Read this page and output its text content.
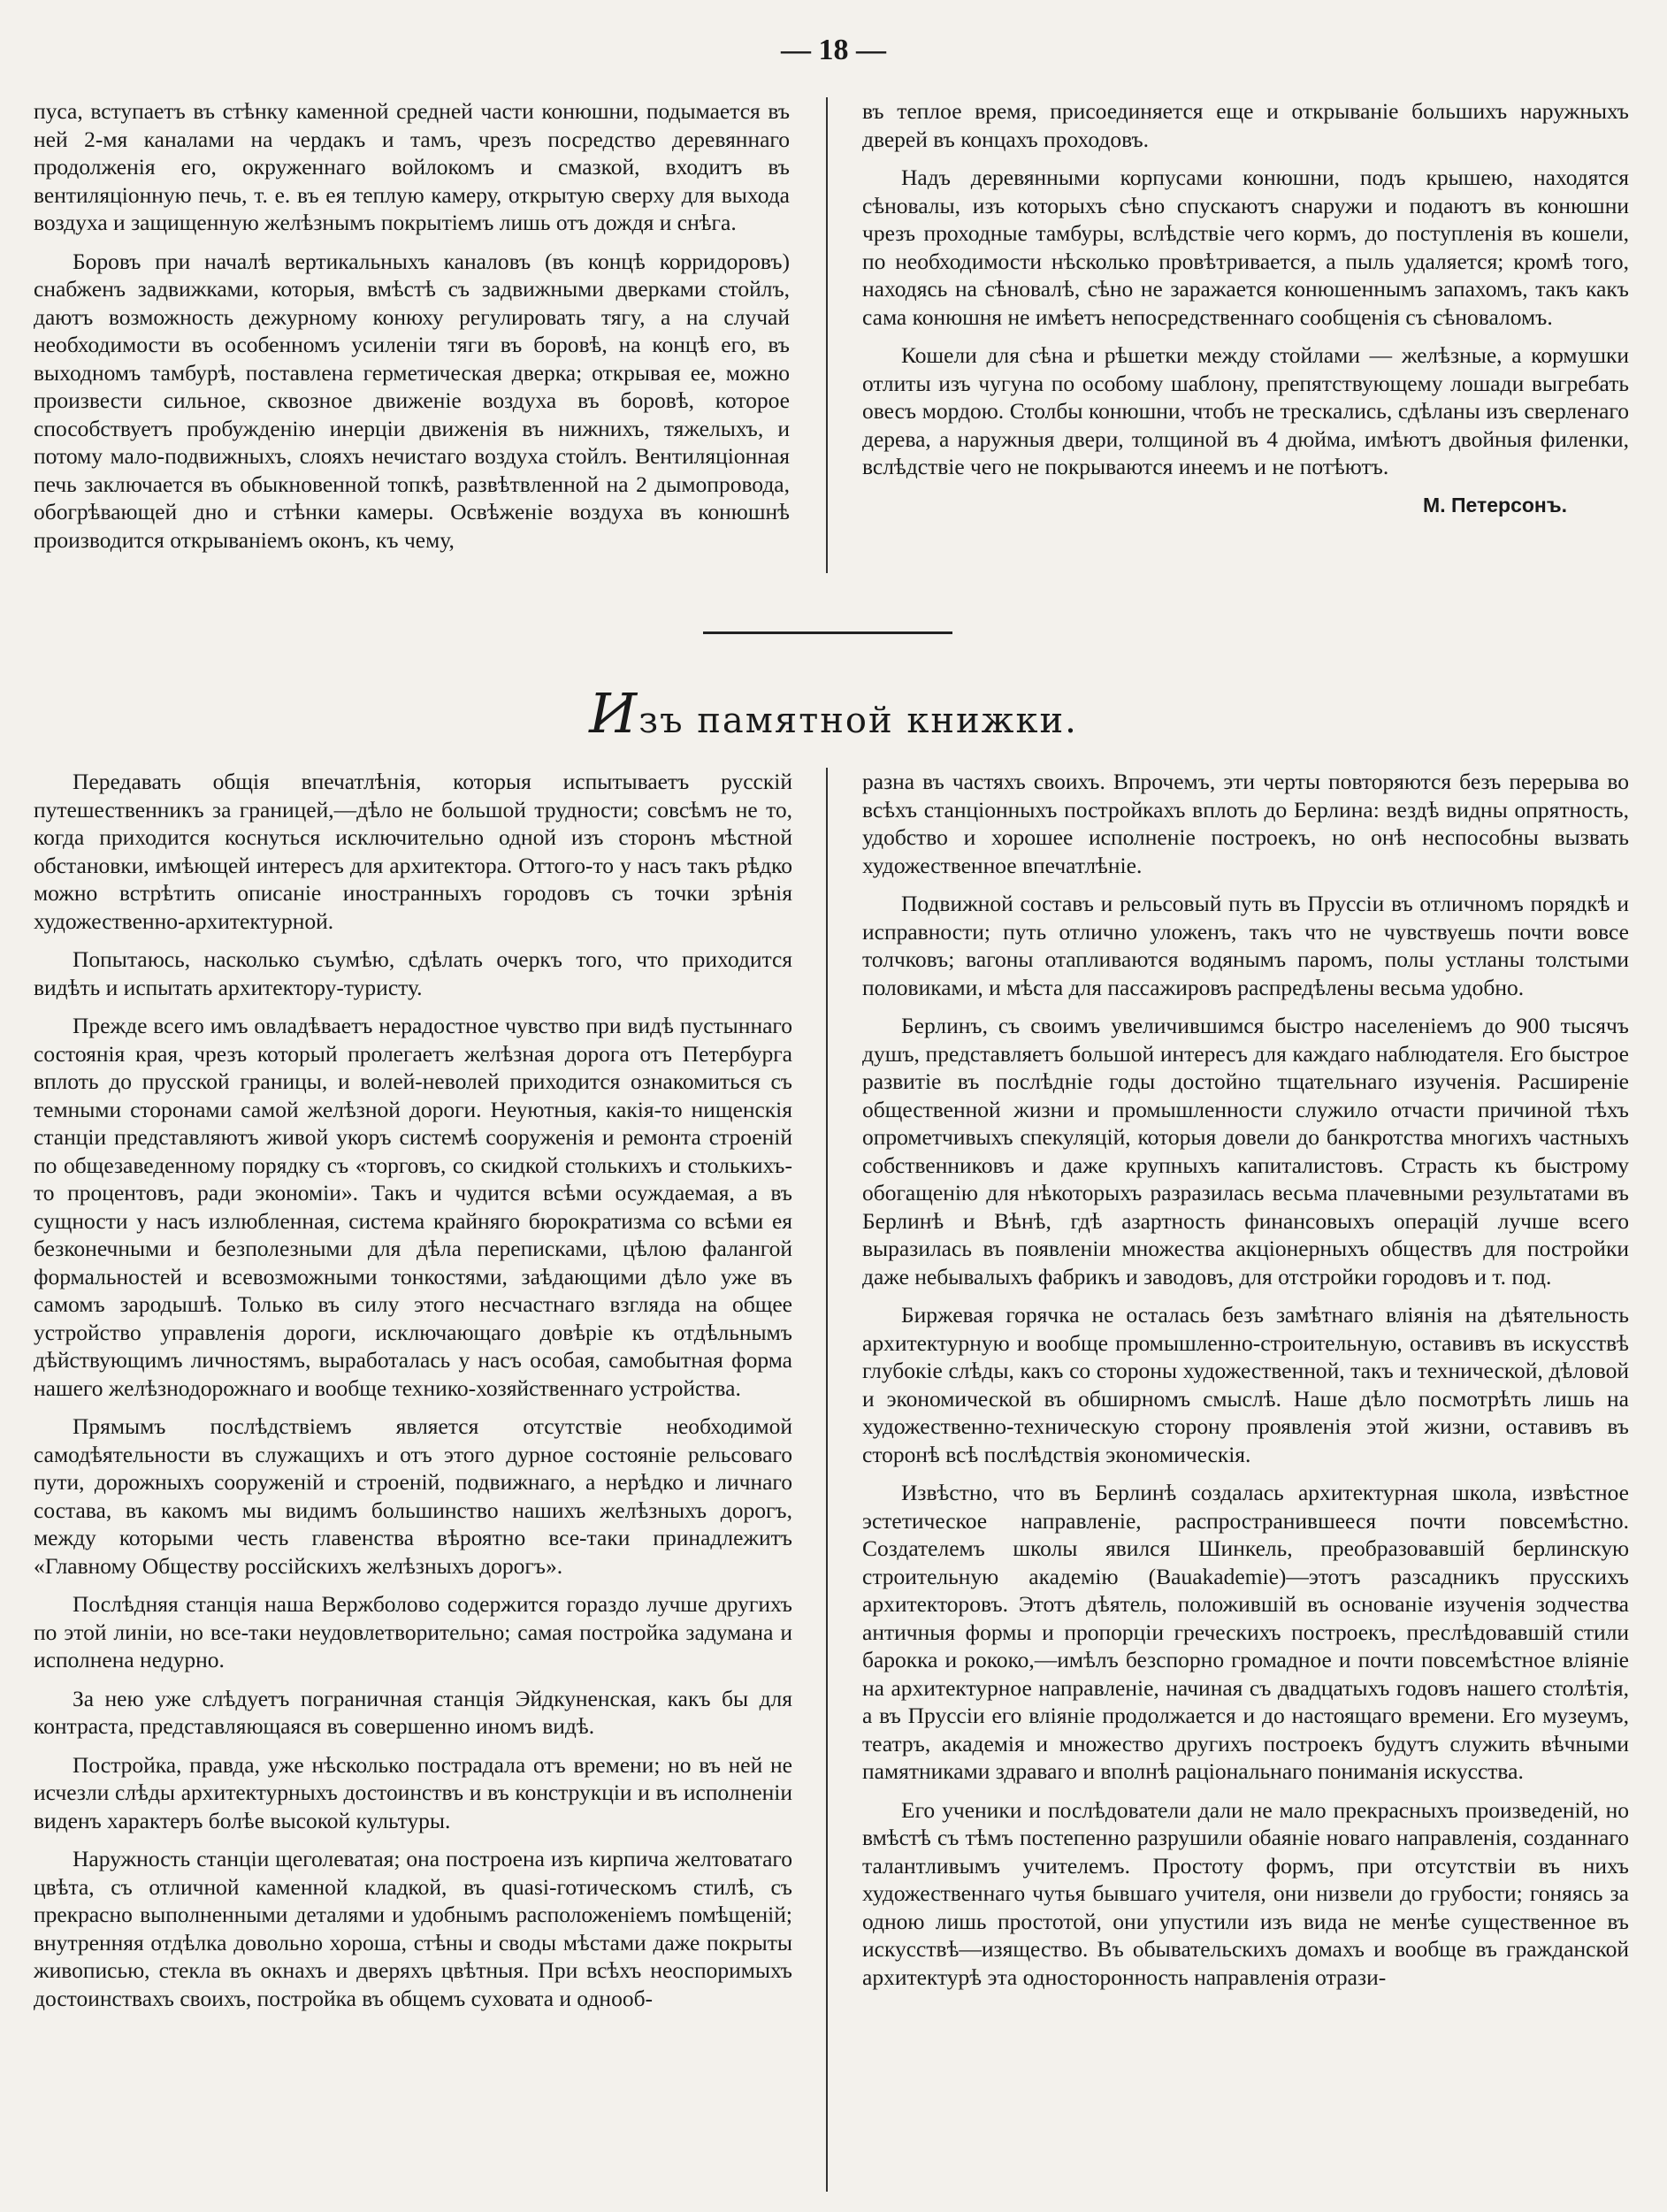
— 18 —

пуса, вступаетъ въ стѣнку каменной средней части конюшни, подымается въ ней 2-мя каналами на чердакъ и тамъ, чрезъ посредство деревяннаго продолженія его, окруженнаго войлокомъ и смазкой, входитъ въ вентиляціонную печь, т. е. въ ея теплую камеру, открытую сверху для выхода воздуха и защищенную желѣзнымъ покрытіемъ лишь отъ дождя и снѣга.

Боровъ при началѣ вертикальныхъ каналовъ (въ концѣ корридоровъ) снабженъ задвижками, которыя, вмѣстѣ съ задвижными дверками стойлъ, даютъ возможность дежурному конюху регулировать тягу, а на случай необходимости въ особенномъ усиленіи тяги въ боровѣ, на концѣ его, въ выходномъ тамбурѣ, поставлена герметическая дверка; открывая ее, можно произвести сильное, сквозное движеніе воздуха въ боровѣ, которое способствуетъ пробужденію инерціи движенія въ нижнихъ, тяжелыхъ, и потому мало-подвижныхъ, слояхъ нечистаго воздуха стойлъ. Вентиляціонная печь заключается въ обыкновенной топкѣ, развѣтвленной на 2 дымопровода, обогрѣвающей дно и стѣнки камеры. Освѣженіе воздуха въ конюшнѣ производится открываніемъ оконъ, къ чему,

въ теплое время, присоединяется еще и открываніе большихъ наружныхъ дверей въ концахъ проходовъ.

Надъ деревянными корпусами конюшни, подъ крышею, находятся сѣновалы, изъ которыхъ сѣно спускаютъ снаружи и подаютъ въ конюшни чрезъ проходные тамбуры, вслѣдствіе чего кормъ, до поступленія въ кошели, по необходимости нѣсколько провѣтривается, а пыль удаляется; кромѣ того, находясь на сѣновалѣ, сѣно не заражается конюшеннымъ запахомъ, такъ какъ сама конюшня не имѣетъ непосредственнаго сообщенія съ сѣноваломъ.

Кошели для сѣна и рѣшетки между стойлами — желѣзные, а кормушки отлиты изъ чугуна по особому шаблону, препятствующему лошади выгребать овесъ мордою. Столбы конюшни, чтобъ не трескались, сдѣланы изъ сверленаго дерева, а наружныя двери, толщиной въ 4 дюйма, имѣютъ двойныя филенки, вслѣдствіе чего не покрываются инеемъ и не потѣютъ.

М. Петерсонъ.
Изъ памятной книжки.

Передавать общія впечатлѣнія, которыя испытываетъ русскій путешественникъ за границей,—дѣло не большой трудности; совсѣмъ не то, когда приходится коснуться исключительно одной изъ сторонъ мѣстной обстановки, имѣющей интересъ для архитектора. Оттого-то у насъ такъ рѣдко можно встрѣтить описаніе иностранныхъ городовъ съ точки зрѣнія художественно-архитектурной.

Попытаюсь, насколько съумѣю, сдѣлать очеркъ того, что приходится видѣть и испытать архитектору-туристу.

Прежде всего имъ овладѣваетъ нерадостное чувство при видѣ пустыннаго состоянія края, чрезъ который пролегаетъ желѣзная дорога отъ Петербурга вплоть до прусской границы, и волей-неволей приходится ознакомиться съ темными сторонами самой желѣзной дороги. Неуютныя, какія-то нищенскія станціи представляютъ живой укоръ системѣ сооруженія и ремонта строеній по общезаведенному порядку съ «торговъ, со скидкой столькихъ и столькихъ-то процентовъ, ради экономіи». Такъ и чудится всѣми осуждаемая, а въ сущности у насъ излюбленная, система крайняго бюрократизма со всѣми ея безконечными и безполезными для дѣла переписками, цѣлою фалангой формальностей и всевозможными тонкостями, заѣдающими дѣло уже въ самомъ зародышѣ. Только въ силу этого несчастнаго взгляда на общее устройство управленія дороги, исключающаго довѣріе къ отдѣльнымъ дѣйствующимъ личностямъ, выработалась у насъ особая, самобытная форма нашего желѣзнодорожнаго и вообще технико-хозяйственнаго устройства.

Прямымъ послѣдствіемъ является отсутствіе необходимой самодѣятельности въ служащихъ и отъ этого дурное состояніе рельсоваго пути, дорожныхъ сооруженій и строеній, подвижнаго, а нерѣдко и личнаго состава, въ какомъ мы видимъ большинство нашихъ желѣзныхъ дорогъ, между которыми честь главенства вѣроятно все-таки принадлежитъ «Главному Обществу россійскихъ желѣзныхъ дорогъ».

Послѣдняя станція наша Вержболово содержится гораздо лучше другихъ по этой линіи, но все-таки неудовлетворительно; самая постройка задумана и исполнена недурно.

За нею уже слѣдуетъ пограничная станція Эйдкуненская, какъ бы для контраста, представляющаяся въ совершенно иномъ видѣ.

Постройка, правда, уже нѣсколько пострадала отъ времени; но въ ней не исчезли слѣды архитектурныхъ достоинствъ и въ конструкціи и въ исполненіи виденъ характеръ болѣе высокой культуры.

Наружность станціи щеголеватая; она построена изъ кирпича желтоватаго цвѣта, съ отличной каменной кладкой, въ quasi-готическомъ стилѣ, съ прекрасно выполненными деталями и удобнымъ расположеніемъ помѣщеній; внутренняя отдѣлка довольно хороша, стѣны и своды мѣстами даже покрыты живописью, стекла въ окнахъ и дверяхъ цвѣтныя. При всѣхъ неоспоримыхъ достоинствахъ своихъ, постройка въ общемъ суховата и однооб-

разна въ частяхъ своихъ. Впрочемъ, эти черты повторяются безъ перерыва во всѣхъ станціонныхъ постройкахъ вплоть до Берлина: вездѣ видны опрятность, удобство и хорошее исполненіе построекъ, но онѣ неспособны вызвать художественное впечатлѣніе.

Подвижной составъ и рельсовый путь въ Пруссіи въ отличномъ порядкѣ и исправности; путь отлично уложенъ, такъ что не чувствуешь почти вовсе толчковъ; вагоны отапливаются водянымъ паромъ, полы устланы толстыми половиками, и мѣста для пассажировъ распредѣлены весьма удобно.

Берлинъ, съ своимъ увеличившимся быстро населеніемъ до 900 тысячъ душъ, представляетъ большой интересъ для каждаго наблюдателя. Его быстрое развитіе въ послѣдніе годы достойно тщательнаго изученія. Расширеніе общественной жизни и промышленности служило отчасти причиной тѣхъ опрометчивыхъ спекуляцій, которыя довели до банкротства многихъ частныхъ собственниковъ и даже крупныхъ капиталистовъ. Страсть къ быстрому обогащенію для нѣкоторыхъ разразилась весьма плачевными результатами въ Берлинѣ и Вѣнѣ, гдѣ азартность финансовыхъ операцій лучше всего выразилась въ появленіи множества акціонерныхъ обществъ для постройки даже небывалыхъ фабрикъ и заводовъ, для отстройки городовъ и т. под.

Биржевая горячка не осталась безъ замѣтнаго вліянія на дѣятельность архитектурную и вообще промышленно-строительную, оставивъ въ искусствѣ глубокіе слѣды, какъ со стороны художественной, такъ и технической, дѣловой и экономической въ обширномъ смыслѣ. Наше дѣло посмотрѣть лишь на художественно-техническую сторону проявленія этой жизни, оставивъ въ сторонѣ всѣ послѣдствія экономическія.

Извѣстно, что въ Берлинѣ создалась архитектурная школа, извѣстное эстетическое направленіе, распространившееся почти повсемѣстно. Создателемъ школы явился Шинкель, преобразовавшій берлинскую строительную академію (Bauakademie)—этотъ разсадникъ прусскихъ архитекторовъ. Этотъ дѣятель, положившій въ основаніе изученія зодчества античныя формы и пропорціи греческихъ построекъ, преслѣдовавшій стили барокка и рококо,—имѣлъ безспорно громадное и почти повсемѣстное вліяніе на архитектурное направленіе, начиная съ двадцатыхъ годовъ нашего столѣтія, а въ Пруссіи его вліяніе продолжается и до настоящаго времени. Его музеумъ, театръ, академія и множество другихъ построекъ будутъ служить вѣчными памятниками здраваго и вполнѣ раціональнаго пониманія искусства.

Его ученики и послѣдователи дали не мало прекрасныхъ произведеній, но вмѣстѣ съ тѣмъ постепенно разрушили обаяніе новаго направленія, созданнаго талантливымъ учителемъ. Простоту формъ, при отсутствіи въ нихъ художественнаго чутья бывшаго учителя, они низвели до грубости; гоняясь за одною лишь простотой, они упустили изъ вида не менѣе существенное въ искусствѣ—изящество. Въ обывательскихъ домахъ и вообще въ гражданской архитектурѣ эта односторонность направленія отрази-
